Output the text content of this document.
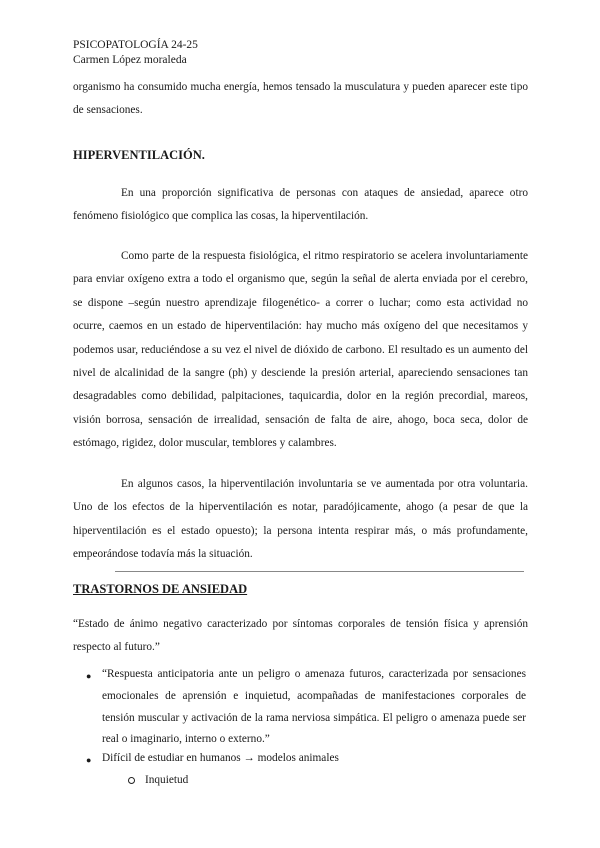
PSICOPATOLOGÍA 24-25

Carmen López moraleda

organismo ha consumido mucha energía, hemos tensado la musculatura y pueden aparecer este tipo de sensaciones.

HIPERVENTILACIÓN.

En una proporción significativa de personas con ataques de ansiedad, aparece otro fenómeno fisiológico que complica las cosas, la hiperventilación.

Como parte de la respuesta fisiológica, el ritmo respiratorio se acelera involuntariamente para enviar oxígeno extra a todo el organismo que, según la señal de alerta enviada por el cerebro, se dispone –según nuestro aprendizaje filogenético- a correr o luchar; como esta actividad no ocurre, caemos en un estado de hiperventilación: hay mucho más oxígeno del que necesitamos y podemos usar, reduciéndose a su vez el nivel de dióxido de carbono. El resultado es un aumento del nivel de alcalinidad de la sangre (ph) y desciende la presión arterial, apareciendo sensaciones tan desagradables como debilidad, palpitaciones, taquicardia, dolor en la región precordial, mareos, visión borrosa, sensación de irrealidad, sensación de falta de aire, ahogo, boca seca, dolor de estómago, rigidez, dolor muscular, temblores y calambres.

En algunos casos, la hiperventilación involuntaria se ve aumentada por otra voluntaria. Uno de los efectos de la hiperventilación es notar, paradójicamente, ahogo (a pesar de que la hiperventilación es el estado opuesto); la persona intenta respirar más, o más profundamente, empeorándose todavía más la situación.

TRASTORNOS DE ANSIEDAD

“Estado de ánimo negativo caracterizado por síntomas corporales de tensión física y aprensión respecto al futuro.”

● “Respuesta anticipatoria ante un peligro o amenaza futuros, caracterizada por sensaciones emocionales de aprensión e inquietud, acompañadas de manifestaciones corporales de tensión muscular y activación de la rama nerviosa simpática. El peligro o amenaza puede ser real o imaginario, interno o externo.”

● Difícil de estudiar en humanos → modelos animales

Inquietud
